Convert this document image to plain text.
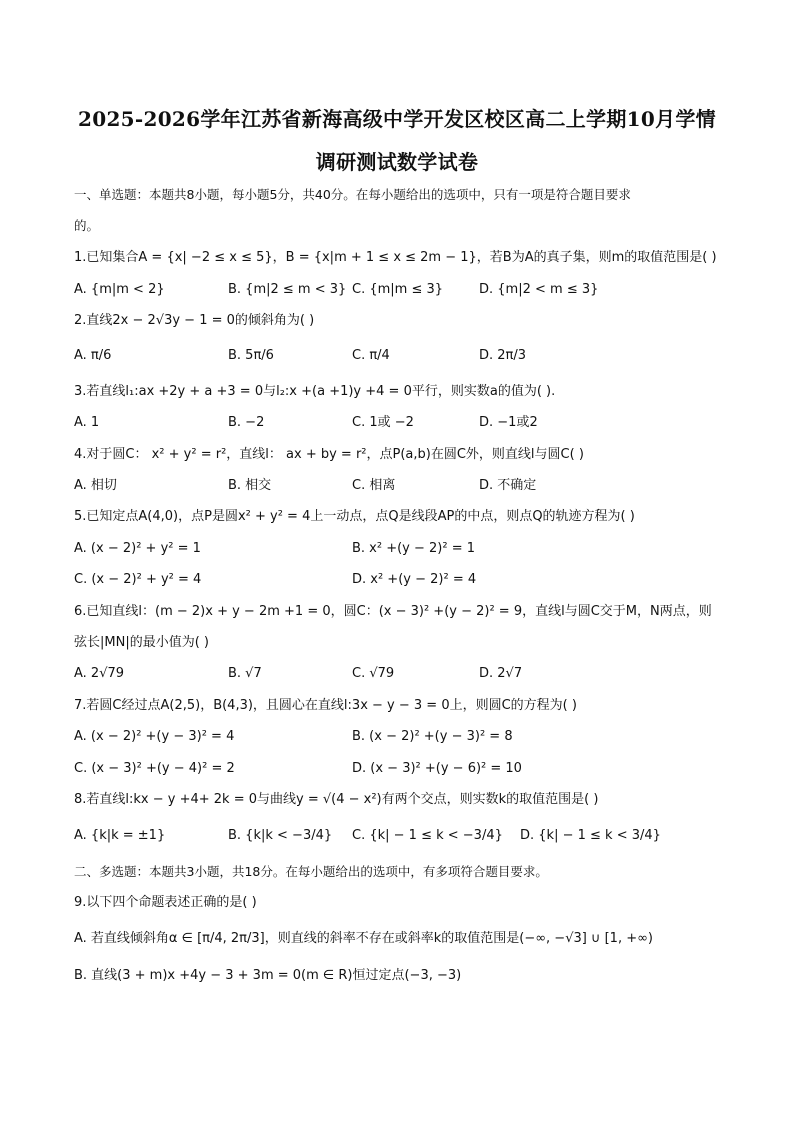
2025-2026学年江苏省新海高级中学开发区校区高二上学期10月学情
调研测试数学试卷
一、单选题：本题共8小题，每小题5分，共40分。在每小题给出的选项中，只有一项是符合题目要求
的。
1.已知集合A = {x| −2 ≤ x ≤ 5}，B = {x|m + 1 ≤ x ≤ 2m − 1}，若B为A的真子集，则m的取值范围是( )
A. {m|m < 2}	B. {m|2 ≤ m < 3} C. {m|m ≤ 3}	D. {m|2 < m ≤ 3}
2.直线2x − 2√3y − 1 = 0的倾斜角为( )
A. π/6	B. 5π/6	C. π/4	D. 2π/3
3.若直线l₁:ax +2y + a +3 = 0与l₂:x +(a +1)y +4 = 0平行，则实数a的值为( ).
A. 1	B. −2	C. 1或 −2	D. −1或2
4.对于圆C： x² + y² = r²，直线l： ax + by = r²，点P(a,b)在圆C外，则直线l与圆C( )
A. 相切	B. 相交	C. 相离	D. 不确定
5.已知定点A(4,0)，点P是圆x² + y² = 4上一动点，点Q是线段AP的中点，则点Q的轨迹方程为( )
A. (x − 2)² + y² = 1	B. x² +(y − 2)² = 1
C. (x − 2)² + y² = 4	D. x² +(y − 2)² = 4
6.已知直线l：(m − 2)x + y − 2m +1 = 0，圆C：(x − 3)² +(y − 2)² = 9，直线l与圆C交于M，N两点，则
弦长|MN|的最小值为( )
A. 2√79	B. √7	C. √79	D. 2√7
7.若圆C经过点A(2,5)，B(4,3)，且圆心在直线l:3x − y − 3 = 0上，则圆C的方程为( )
A. (x − 2)² +(y − 3)² = 4	B. (x − 2)² +(y − 3)² = 8
C. (x − 3)² +(y − 4)² = 2	D. (x − 3)² +(y − 6)² = 10
8.若直线l:kx − y +4+ 2k = 0与曲线y = √(4 − x²)有两个交点，则实数k的取值范围是( )
A. {k|k = ±1}	B. {k|k < −3/4} C. {k| − 1 ≤ k < −3/4} D. {k| − 1 ≤ k < 3/4}
二、多选题：本题共3小题，共18分。在每小题给出的选项中，有多项符合题目要求。
9.以下四个命题表述正确的是( )
A. 若直线倾斜角α ∈ [π/4, 2π/3]，则直线的斜率不存在或斜率k的取值范围是(−∞, −√3] ∪ [1, +∞)
B. 直线(3 + m)x +4y − 3 + 3m = 0(m ∈ R)恒过定点(−3, −3)
